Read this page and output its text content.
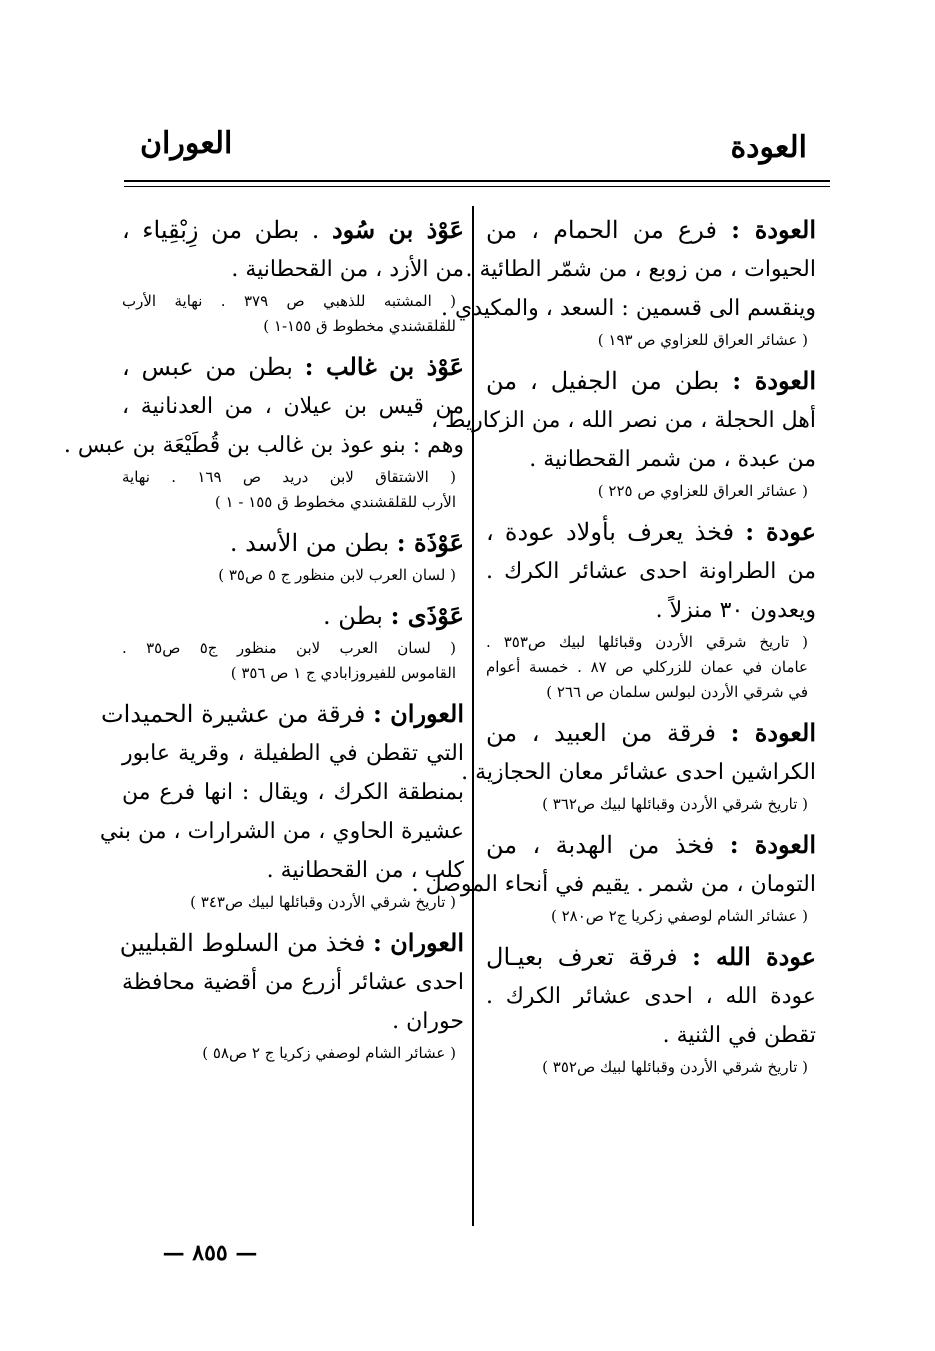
العودة
العوران
العودة : فرع من الحمام ، من
الحيوات ، من زوبع ، من شمّر الطائية .
وينقسم الى قسمين : السعد ، والمكيدي .
( عشائر العراق للعزاوي ص ١٩٣ )
العودة : بطن من الجفيل ، من
أهل الحجلة ، من نصر الله ، من الزكاريط ،
من عبدة ، من شمر القحطانية .
( عشائر العراق للعزاوي ص ٢٢٥ )
عودة : فخذ يعرف بأولاد عودة ،
من الطراونة احدى عشائر الكرك .
ويعدون ٣٠ منزلاً .
( تاريخ شرقي الأردن وقبائلها لبيك ص٣٥٣ .
عامان في عمان للزركلي ص ٨٧ . خمسة أعوام
في شرقي الأردن لبولس سلمان ص ٢٦٦ )
العودة : فرقة من العبيد ، من
الكراشين احدى عشائر معان الحجازية .
( تاريخ شرقي الأردن وقبائلها لبيك ص٣٦٢ )
العودة : فخذ من الهدبة ، من
التومان ، من شمر . يقيم في أنحاء الموصل .
( عشائر الشام لوصفي زكريا ج٢ ص٢٨٠ )
عودة الله : فرقة تعرف بعيـال
عودة الله ، احدى عشائر الكرك .
تقطن في الثنية .
( تاريخ شرقي الأردن وقبائلها لبيك ص٣٥٢ )
عَوْذ بن سُود . بطن من زِبْقِياء ،
من الأزد ، من القحطانية .
( المشتبه للذهبي ص ٣٧٩ . نهاية الأرب
للقلقشندي مخطوط ق ١٥٥-١ )
عَوْذ بن غالب : بطن من عبس ،
من قيس بن عيلان ، من العدنانية ،
وهم : بنو عوذ بن غالب بن قُطَيْعَة بن عبس .
( الاشتقاق لابن دريد ص ١٦٩ . نهاية
الأرب للقلقشندي مخطوط ق ١٥٥ - ١ )
عَوْذَة : بطن من الأسد .
( لسان العرب لابن منظور ج ٥ ص٣٥ )
عَوْذَى : بطن .
( لسان العرب لابن منظور ج٥ ص٣٥ .
القاموس للفيروزابادي ج ١ ص ٣٥٦ )
العوران : فرقة من عشيرة الحميدات
التي تقطن في الطفيلة ، وقرية عابور
بمنطقة الكرك ، ويقال : انها فرع من
عشيرة الحاوي ، من الشرارات ، من بني
كلب ، من القحطانية .
( تاريخ شرقي الأردن وقبائلها لبيك ص٣٤٣ )
العوران : فخذ من السلوط القبليين
احدى عشائر أزرع من أقضية محافظة
حوران .
( عشائر الشام لوصفي زكريا ج ٢ ص٥٨ )
— ٨٥٥ —
